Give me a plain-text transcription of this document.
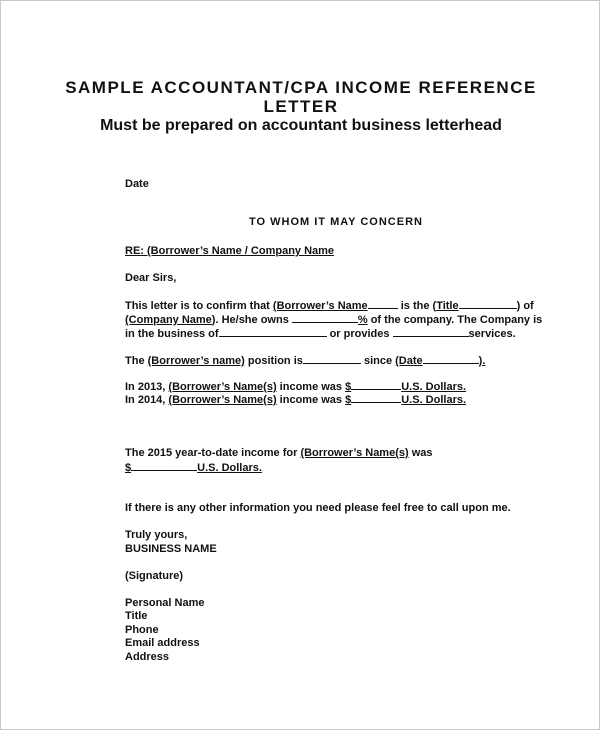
SAMPLE ACCOUNTANT/CPA INCOME REFERENCE
LETTER
Must be prepared on accountant business letterhead
Date
TO WHOM IT MAY CONCERN
RE: (Borrower’s Name / Company Name
Dear Sirs,
This letter is to confirm that (Borrower’s Name	is the (Title	) of
(Company Name). He/she owns	% of the company. The Company is
in the business of	or provides	services.
The (Borrower’s name) position is	since (Date	).
In 2013, (Borrower’s Name(s) income was $	U.S. Dollars.
In 2014, (Borrower’s Name(s) income was $	U.S. Dollars.
The 2015 year-to-date income for (Borrower’s Name(s) was
$	U.S. Dollars.
If there is any other information you need please feel free to call upon me.
Truly yours,
BUSINESS NAME
(Signature)
Personal Name
Title
Phone
Email address
Address
